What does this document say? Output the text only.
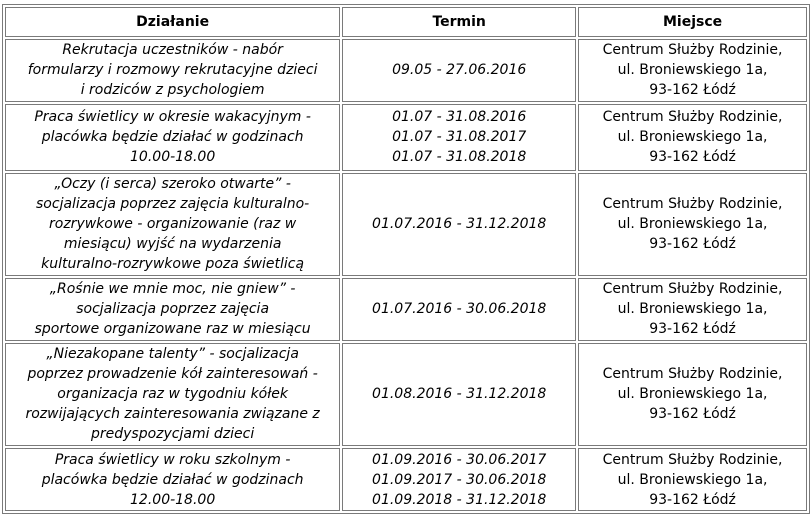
Działanie	Termin	Miejsce

Rekrutacja uczestników - nabór
formularzy i rozmowy rekrutacyjne dzieci
i rodziców z psychologiem	09.05 - 27.06.2016	Centrum Służby Rodzinie,
ul. Broniewskiego 1a,
93-162 Łódź

Praca świetlicy w okresie wakacyjnym -
placówka będzie działać w godzinach
10.00-18.00	01.07 - 31.08.2016
01.07 - 31.08.2017
01.07 - 31.08.2018	Centrum Służby Rodzinie,
ul. Broniewskiego 1a,
93-162 Łódź

„Oczy (i serca) szeroko otwarte” -
socjalizacja poprzez zajęcia kulturalno-
rozrywkowe - organizowanie (raz w
miesiącu) wyjść na wydarzenia
kulturalno-rozrywkowe poza świetlicą	01.07.2016 - 31.12.2018	Centrum Służby Rodzinie,
ul. Broniewskiego 1a,
93-162 Łódź

„Rośnie we mnie moc, nie gniew” -
socjalizacja poprzez zajęcia
sportowe organizowane raz w miesiącu	01.07.2016 - 30.06.2018	Centrum Służby Rodzinie,
ul. Broniewskiego 1a,
93-162 Łódź

„Niezakopane talenty” - socjalizacja
poprzez prowadzenie kół zainteresowań -
organizacja raz w tygodniu kółek
rozwijających zainteresowania związane z
predyspozycjami dzieci	01.08.2016 - 31.12.2018	Centrum Służby Rodzinie,
ul. Broniewskiego 1a,
93-162 Łódź

Praca świetlicy w roku szkolnym -
placówka będzie działać w godzinach
12.00-18.00	01.09.2016 - 30.06.2017
01.09.2017 - 30.06.2018
01.09.2018 - 31.12.2018	Centrum Służby Rodzinie,
ul. Broniewskiego 1a,
93-162 Łódź
